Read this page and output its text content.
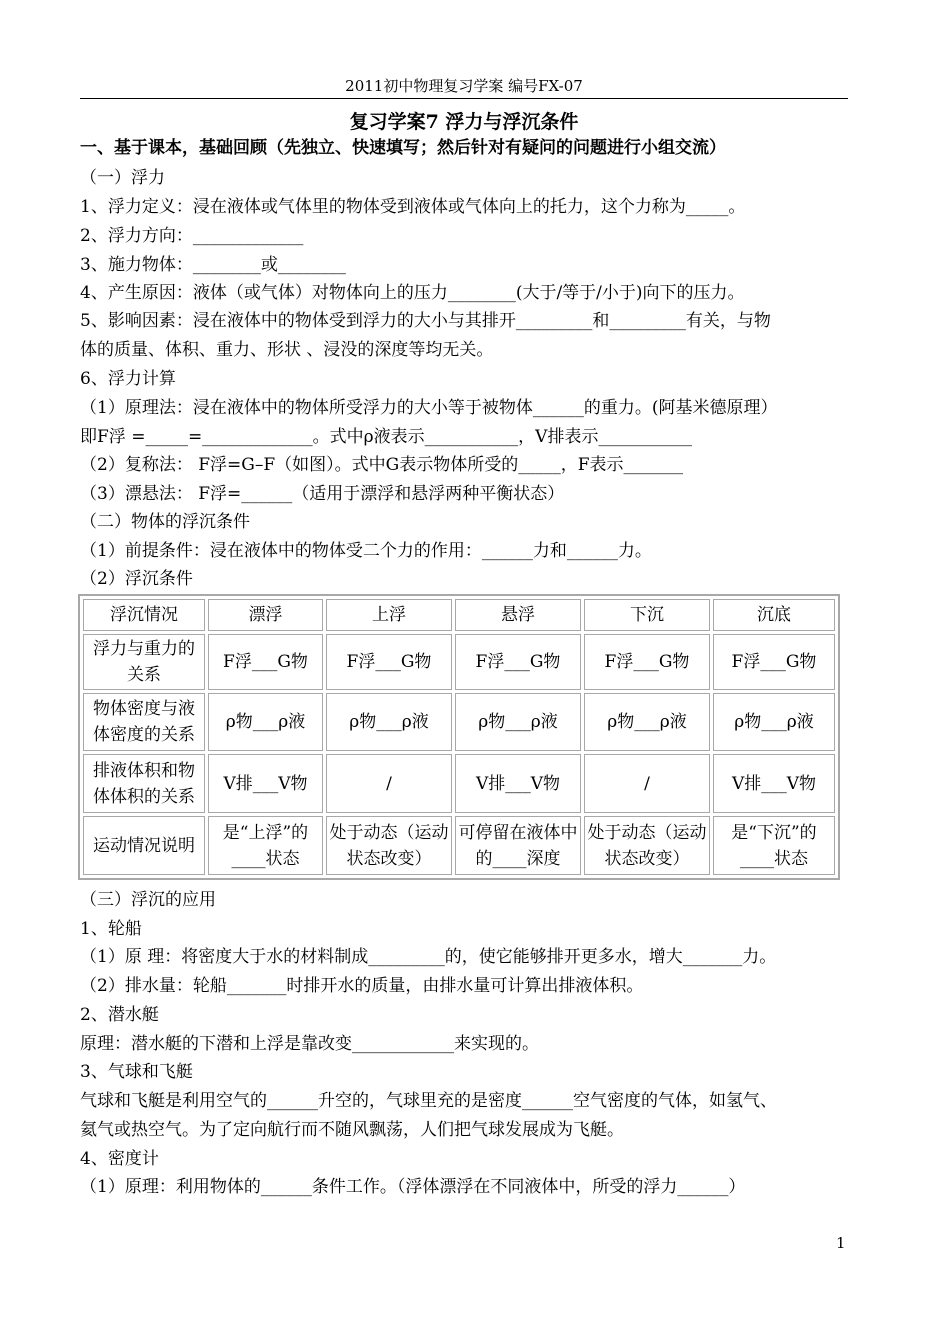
2011初中物理复习学案 编号FX-07
复习学案7 浮力与浮沉条件
一、基于课本，基础回顾（先独立、快速填写；然后针对有疑问的问题进行小组交流）
（一）浮力
1、浮力定义：浸在液体或气体里的物体受到液体或气体向上的托力，这个力称为_____。
2、浮力方向：_____________
3、施力物体：________或________
4、产生原因：液体（或气体）对物体向上的压力________(大于/等于/小于)向下的压力。
5、影响因素：浸在液体中的物体受到浮力的大小与其排开_________和_________有关，与物
体的质量、体积、重力、形状 、浸没的深度等均无关。
6、浮力计算
（1）原理法：浸在液体中的物体所受浮力的大小等于被物体______的重力。(阿基米德原理）
即F浮 =_____=_____________。式中ρ液表示___________，V排表示___________
（2）复称法： F浮=G–F（如图）。式中G表示物体所受的_____，F表示_______
（3）漂悬法： F浮=______（适用于漂浮和悬浮两种平衡状态）
（二）物体的浮沉条件
（1）前提条件：浸在液体中的物体受二个力的作用：______力和______力。
（2）浮沉条件
浮沉情况	漂浮	上浮	悬浮	下沉	沉底
浮力与重力的关系	F浮___G物	F浮___G物	F浮___G物	F浮___G物	F浮___G物
物体密度与液体密度的关系	ρ物___ρ液	ρ物___ρ液	ρ物___ρ液	ρ物___ρ液	ρ物___ρ液
排液体积和物体体积的关系	V排___V物	/	V排___V物	/	V排___V物
运动情况说明	是“上浮”的____状态	处于动态（运动状态改变）	可停留在液体中的____深度	处于动态（运动状态改变）	是“下沉”的____状态
（三）浮沉的应用
1、轮船
（1）原 理：将密度大于水的材料制成_________的，使它能够排开更多水，增大_______力。
（2）排水量：轮船_______时排开水的质量，由排水量可计算出排液体积。
2、潜水艇
原理：潜水艇的下潜和上浮是靠改变____________来实现的。
3、气球和飞艇
气球和飞艇是利用空气的______升空的，气球里充的是密度______空气密度的气体，如氢气、
氦气或热空气。为了定向航行而不随风飘荡，人们把气球发展成为飞艇。
4、密度计
（1）原理：利用物体的______条件工作。（浮体漂浮在不同液体中，所受的浮力______）
1
